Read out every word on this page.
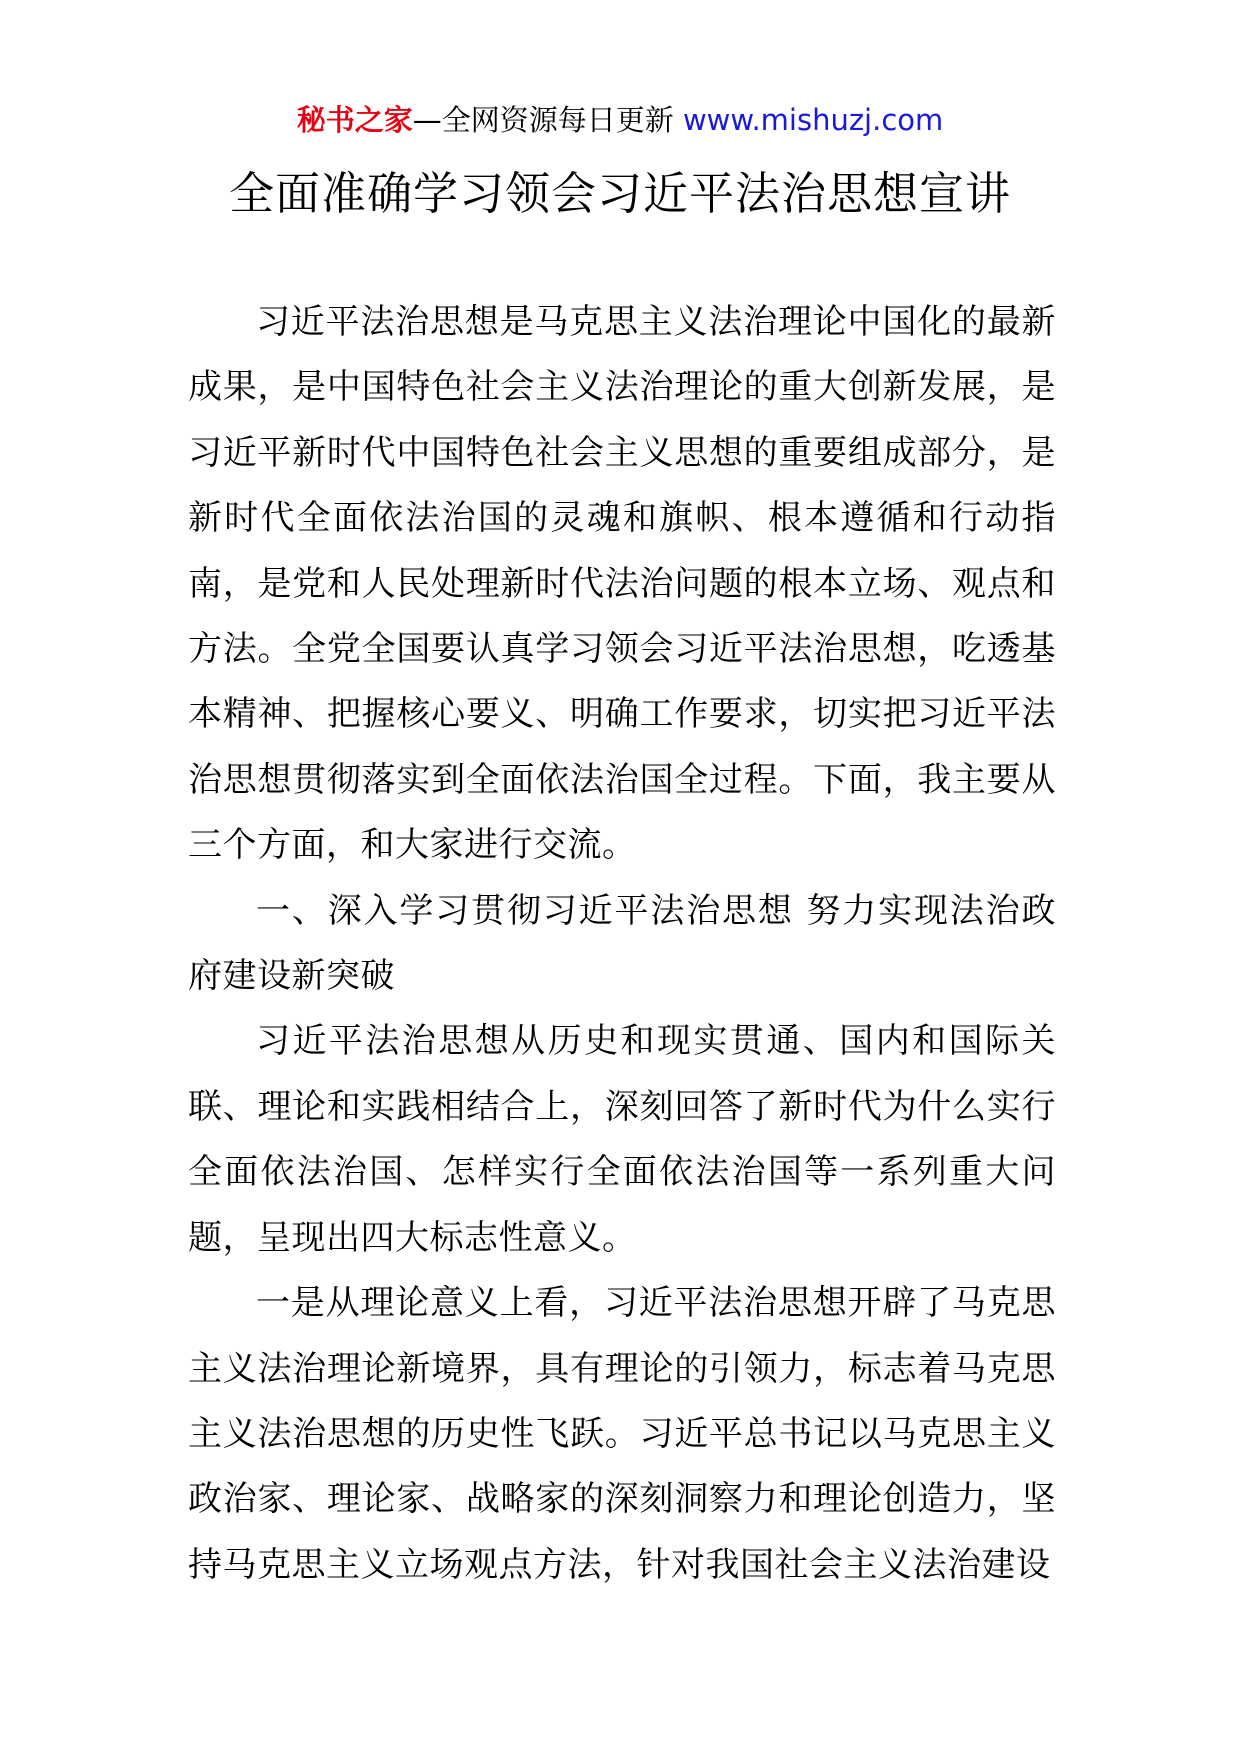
秘书之家—全网资源每日更新 www.mishuzj.com
全面准确学习领会习近平法治思想宣讲

习近平法治思想是马克思主义法治理论中国化的最新成果，是中国特色社会主义法治理论的重大创新发展，是习近平新时代中国特色社会主义思想的重要组成部分，是新时代全面依法治国的灵魂和旗帜、根本遵循和行动指南，是党和人民处理新时代法治问题的根本立场、观点和方法。全党全国要认真学习领会习近平法治思想，吃透基本精神、把握核心要义、明确工作要求，切实把习近平法治思想贯彻落实到全面依法治国全过程。下面，我主要从三个方面，和大家进行交流。

一、深入学习贯彻习近平法治思想 努力实现法治政府建设新突破

习近平法治思想从历史和现实贯通、国内和国际关联、理论和实践相结合上，深刻回答了新时代为什么实行全面依法治国、怎样实行全面依法治国等一系列重大问题，呈现出四大标志性意义。

一是从理论意义上看，习近平法治思想开辟了马克思主义法治理论新境界，具有理论的引领力，标志着马克思主义法治思想的历史性飞跃。习近平总书记以马克思主义政治家、理论家、战略家的深刻洞察力和理论创造力，坚持马克思主义立场观点方法，针对我国社会主义法治建设
